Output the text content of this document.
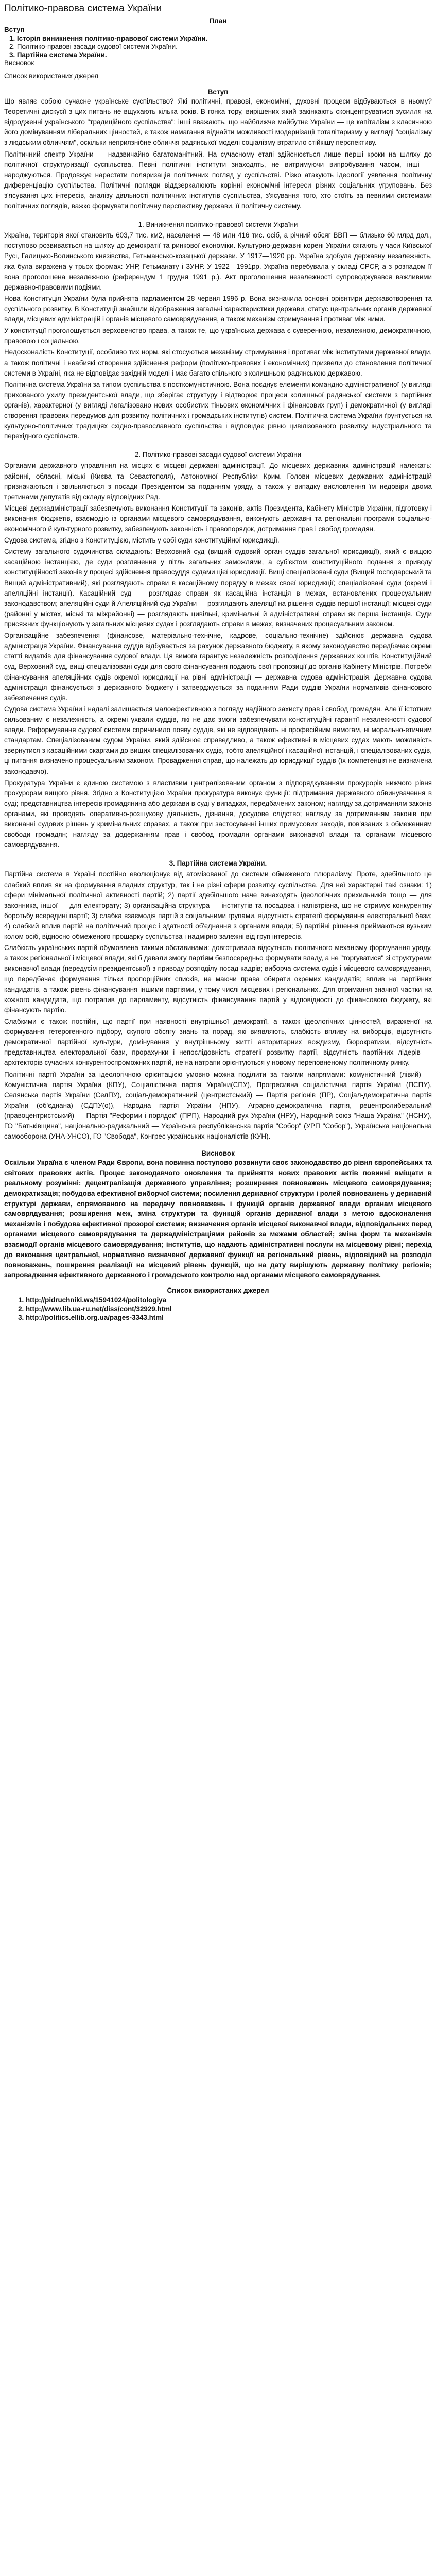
Політико-правова система України
План
Вступ
1. Історія виникнення політико-правової системи України.
2. Політико-правові засади судової системи України.
3. Партійна система України.
Висновок
Список використаних джерел
Вступ

Що являє собою сучасне українське суспільство? Які політичні, правові, економічні, духовні процеси відбуваються в ньому? Теоретичні дискусії з цих питань не вщухають кілька років. В гонка тору, вирішених який закінкають сконцентруватися зусилля на відродженні українського "традиційного суспільства"; інші вважають, що найближче майбутнє України — це капіталізм з класичною його домінуванням ліберальних цінностей, є також намагання віднайти можливості модернізації тоталітаризму у вигляді "соціалізму з людським обличчям", оскільки неприязнібне обличчя радянської моделі соціалізму втратило стійкішу перспективу.

Політичний спектр України — надзвичайно багатоманітний. На сучасному етапі здійснюється лише перші кроки на шляху до політичної структуризації суспільства. Певні політичні інститути знаходять, не витримуючи випробування часом, інші — народжуються. Продовжує нарастати поляризація політичних погляд у суспільстві. Різко атакують ідеології уявлення політичну диференціацію суспільства. Політичні погляди віддзеркалюють корінні економічні інтереси різних соціальних угруповань. Без з'ясування цих інтересів, аналізу діяльності політичних інститутів суспільства, з'ясування того, хто стоїть за певними системами політичних поглядів, важко формувати політичну перспективу держави, її політичну систему.

1. Виникнення політико-правової системи України

Україна, територія якої становить 603,7 тис. км2, населення — 48 млн 416 тис. осіб, а річний обсяг ВВП — близько 60 млрд дол., поступово розвивається на шляху до демократії та ринкової економіки. Культурно-державні корені України сягають у часи Київської Русі, Галицько-Волинського князівства, Гетьмансько-козацької держави. У 1917—1920 рр. Україна здобула державну незалежність, яка була виражена у трьох формах: УНР, Гетьманату і ЗУНР. У 1922—1991рр. Україна перебувала у складі СРСР, а з розпадом її вона проголошена незалежною (референдум 1 грудня 1991 р.). Акт проголошення незалежності супроводжувався важливими державно-правовими подіями.

Нова Конституція України була прийнята парламентом 28 червня 1996 р. Вона визначила основні орієнтири державотворення та суспільного розвитку. В Конституції знайшли відображення загальні характеристики держави, статус центральних органів державної влади, місцевих адміністрацій і органів місцевого самоврядування, а також механізм стримування і противаг між ними.

У конституції проголошується верховенство права, а також те, що українська держава є суверенною, незалежною, демократичною, правовою і соціальною.

Недосконалість Конституції, особливо тих норм, які стосуються механізму стримування і противаг між інститутами державної влади, а також політичні і неабиякі створення здійснення реформ (політико-правових і економічних) призвели до становлення політичної системи в Україні, яка не відповідає західній моделі і має багато спільного з колишньою радянською державою.

Політична система України за типом суспільства є посткомуністичною. Вона поєднує елементи командно-адміністративної (у вигляді прихованого ухилу президентської влади, що зберігає структуру і відтворює процеси колишньої радянської системи з партійних органів), характерної (у вигляді легалізовано нових особистих тіньових економічних і фінансових груп) і демократичної (у вигляді створення правових передумов для розвитку політичних і громадських інститутів) систем. Політична система України ґрунтується на культурно-політичних традиціях східно-православного суспільства і відповідає рівню цивілізованого розвитку індустріального та перехідного суспільств.

2. Політико-правові засади судової системи України

Органами державного управління на місцях є місцеві державні адміністрації. До місцевих державних адміністрацій належать: районні, обласні, міські (Києва та Севастополя), Автономної Республіки Крим. Голови місцевих державних адміністрацій призначаються і звільняються з посади Президентом за поданням уряду, а також у випадку висловлення їм недовіри двома третинами депутатів від складу відповідних Рад.

Місцеві держадміністрації забезпечують виконання Конституції та законів, актів Президента, Кабінету Міністрів України, підготовку і виконання бюджетів, взаємодію із органами місцевого самоврядування, виконують державні та регіональні програми соціально-економічного й культурного розвитку, забезпечують законність і правопорядок, дотримання прав і свобод громадян.

Судова система, згідно з Конституцією, містить у собі суди конституційної юрисдикції.

Систему загального судочинства складають: Верховний суд (вищий судовий орган суддів загальної юрисдикції), який є вищою касаційною інстанцією, де суди розглянення у пітль загальних заможлями, а суб'єктом конституційного подання з приводу конституційності законів у процесі здійснення правосуддя судами цієї юрисдикції. Вищі спеціалізовані суди (Вищий господарський та Вищий адміністративний), які розглядають справи в касаційному порядку в межах своєї юрисдикції; спеціалізовані суди (окремі і апеляційні інстанції). Касаційний суд — розглядає справи як касаційна інстанція в межах, встановлених процесуальним законодавством; апеляційні суди й Апеляційний суд України — розглядають апеляції на рішення суддів першої інстанції; місцеві суди (районні у містах, міські та міжрайонні) — розглядають цивільні, кримінальні й адміністративні справи як перша інстанція. Суди присяжних функціонують у загальних місцевих судах і розглядають справи в межах, визначених процесуальним законом.

Організаційне забезпечення (фінансове, матеріально-технічне, кадрове, соціально-технічне) здійснює державна судова адміністрація України. Фінансування суддів відбувається за рахунок державного бюджету, в якому законодавство передбачає окремі статті видатків для фінансування судової влади. Ця вимога гарантує незалежність розподілення державних коштів. Конституційний суд, Верховний суд, вищі спеціалізовані суди для свого фінансування подають свої пропозиції до органів Кабінету Міністрів. Потреби фінансування апеляційних судів окремої юрисдикції на рівні адміністрації — державна судова адміністрація. Державна судова адміністрація фінансується з державного бюджету і затверджується за поданням Ради суддів України нормативів фінансового забезпечення судів.

Судова система України і надалі залишається малоефективною з погляду надійного захисту прав і свобод громадян. Але її істотним сильованим є незалежність, а окремі ухвали суддів, які не дає змоги забезпечувати конституційні гарантії незалежності судової влади. Реформування судової системи спричинило появу суддів, які не відповідають ні професійним вимогам, ні морально-етичним стандартам. Спеціалізованим судом України, який здійснює справедливо, а також ефективні в місцевих судах мають можливість звернутися з касаційними скаргами до вищих спеціалізованих судів, тобто апеляційної і касаційної інстанцій, і спеціалізованих судів, ці питання визначено процесуальним законом. Провадження справ, що належать до юрисдикції суддів (їх компетенція не визначена законодавчо).

Прокуратура України є єдиною системою з властивим централізованим органом з підпорядкуванням прокурорів нижчого рівня прокурорам вищого рівня. Згідно з Конституцією України прокуратура виконує функції: підтримання державного обвинувачення в суді; представництва інтересів громадянина або держави в суді у випадках, передбачених законом; нагляду за дотриманням законів органами, які проводять оперативно-розшукову діяльність, дізнання, досудове слідство; нагляду за дотриманням законів при виконанні судових рішень у кримінальних справах, а також при застосуванні інших примусових заходів, пов'язаних з обмеженням свободи громадян; нагляду за додержанням прав і свобод громадян органами виконавчої влади та органами місцевого самоврядування.

3. Партійна система України.

Партійна система в Україні постійно еволюціонує від атомізованої до системи обмеженого плюралізму. Проте, здебільшого це слабкий вплив як на формування владних структур, так і на різні сфери розвитку суспільства. Для неї характерні такі ознаки: 1) сфери мінімальної політичної активності партій; 2) партії здебільшого наче винаходять ідеологічних прихильників тощо — для законника, іншої — для електорату; 3) організаційна структура — інститутів та посадова і напівтрівна, що не стримує конкурентну боротьбу всередині партії; 3) слабка взаємодія партій з соціальними групами, відсутність стратегії формування електоральної бази; 4) слабкий вплив партій на політичний процес і здатності об'єднання з органами влади; 5) партійні рішення приймаються вузьким колом осіб, відносно обмеженого прошарку суспільства і надмірно залежні від груп інтересів.

Слабкість українських партій обумовлена такими обставинами: довготривала відсутність політичного механізму формування уряду, а також регіональної і місцевої влади, які б давали змогу партіям безпосередньо формувати владу, а не "торгуватися" зі структурами виконавчої влади (передусім президентської) з приводу розподілу посад кадрів; виборча система судів і місцевого самоврядування, що передбачає формування тільки пропорційних списків, не маючи права обирати окремих кандидатів; вплив на партійних кандидатів, а також рівень фінансування іншими партіями, у тому числі місцевих і регіональних. Для отримання значної частки на кожного кандидата, що потрапив до парламенту, відсутність фінансування партій у відповідності до фінансового бюджету, які фінансують партію.

Слабкими є також постійні, що партії при наявності внутрішньої демократії, а також ідеологічних цінностей, вираженої на формування гетерогенного підбору, скупого обсягу знань та порад, які виявляють, слабкість впливу на виборців, відсутність демократичної партійної культури, домінування у внутрішньому житті авторитарних вождизму, бюрократизм, відсутність представництва електоральної бази, прорахунки і непослідовність стратегії розвитку партії, відсутність партійних лідерів — архітекторів сучасних конкурентоспроможних партій, не на натрапи орієнтуються у новому переповненому політичному ринку.

Політичні партії України за ідеологічною орієнтацією умовно можна поділити за такими напрямами: комуністичний (лівий) — Комуністична партія України (КПУ), Соціалістична партія України(СПУ), Прогресивна соціалістична партія України (ПСПУ), Селянська партія України (СелПУ), соціал-демократичний (центристський) — Партія регіонів (ПР), Соціал-демократична партія України (об'єднана) (СДПУ(о)), Народна партія України (НПУ), Аграрно-демократична партія, рецентролиберальний (правоцентристський) — Партія "Реформи і порядок" (ПРП), Народний рух України (НРУ), Народний союз "Наша Україна" (НСНУ), ГО "Батьківщина", національно-радикальний — Українська республіканська партія "Собор" (УРП "Собор"), Українська національна самооборона (УНА-УНСО), ГО "Свобода", Конгрес українських націоналістів (КУН).

Висновок

Оскільки Україна є членом Ради Європи, вона повинна поступово розвинути своє законодавство до рівня європейських та світових правових актів. Процес законодавчого оновлення та прийняття нових правових актів повинні вміщати в реальному розумінні: децентралізація державного управління; розширення повноважень місцевого самоврядування; демократизація; побудова ефективної виборчої системи; посилення державної структури і ролей повноважень у державній структурі держави, спрямованого на передачу повноважень і функцій органів державної влади органам місцевого самоврядування; розширення меж, зміна структури та функцій органів державної влади з метою вдосконалення механізмів і побудова ефективної прозорої системи; визначення органів місцевої виконавчої влади, відповідальних перед органами місцевого самоврядування та держадміністраціями районів за межами областей; зміна форм та механізмів взаємодії органів місцевого самоврядування; інститутів, що надають адміністративні послуги на місцевому рівні; перехід до виконання центральної, нормативно визначеної державної функції на регіональний рівень, відповідний на розподіл повноважень, поширення реалізації на місцевий рівень функцій, що на дату вирішують державну політику регіонів; запровадження ефективного державного і громадського контролю над органами місцевого самоврядування.

Список використаних джерел
1. http://pidruchniki.ws/15941024/politologiya
2. http://www.lib.ua-ru.net/diss/cont/32929.html
3. http://politics.ellib.org.ua/pages-3343.html
